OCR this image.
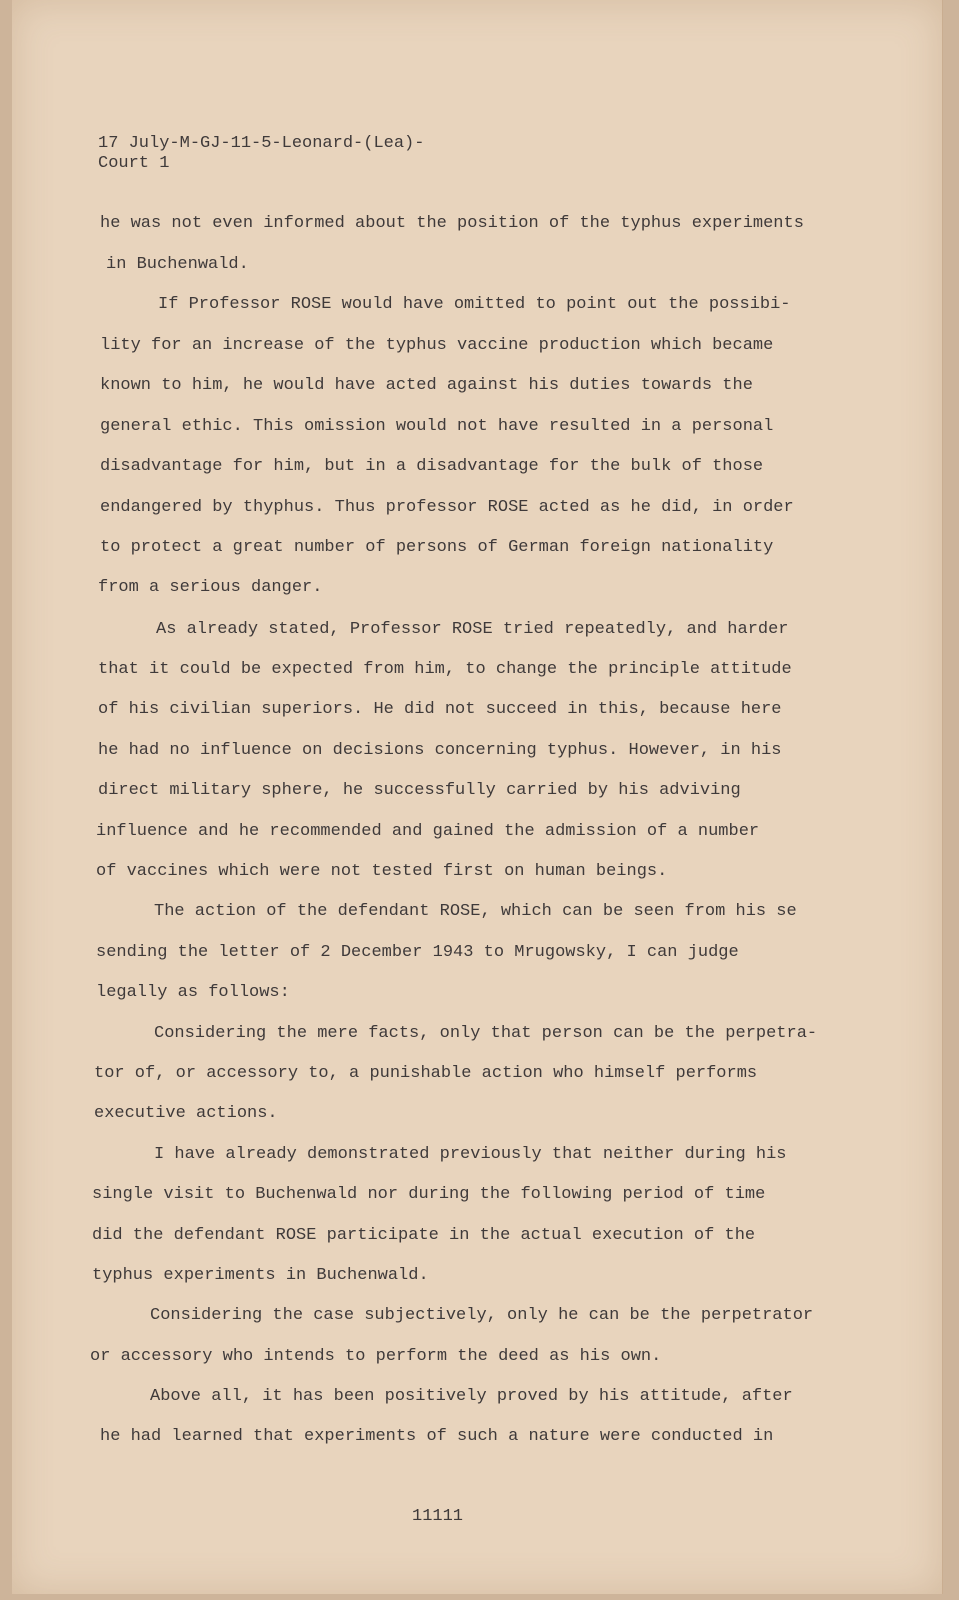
17 July-M-GJ-11-5-Leonard-(Lea)-
Court 1
he was not even informed about the position of the typhus experiments
in Buchenwald.
If Professor ROSE would have omitted to point out the possibi-
lity for an increase of the typhus vaccine production which became
known to him, he would have acted against his duties towards the
general ethic. This omission would not have resulted in a personal
disadvantage for him, but in a disadvantage for the bulk of those
endangered by thyphus. Thus professor ROSE acted as he did, in order
to protect a great number of persons of German foreign nationality
from a serious danger.
As already stated, Professor ROSE tried repeatedly, and harder
that it could be expected from him, to change the principle attitude
of his civilian superiors. He did not succeed in this, because here
he had no influence on decisions concerning typhus. However, in his
direct military sphere, he successfully carried by his adviving
influence and he recommended and gained the admission of a number
of vaccines which were not tested first on human beings.
The action of the defendant ROSE, which can be seen from his se
sending the letter of 2 December 1943 to Mrugowsky, I can judge
legally as follows:
Considering the mere facts, only that person can be the perpetra-
tor of, or accessory to, a punishable action who himself performs
executive actions.
I have already demonstrated previously that neither during his
single visit to Buchenwald nor during the following period of time
did the defendant ROSE participate in the actual execution of the
typhus experiments in Buchenwald.
Considering the case subjectively, only he can be the perpetrator
or accessory who intends to perform the deed as his own.
Above all, it has been positively proved by his attitude, after
he had learned that experiments of such a nature were conducted in
11111
